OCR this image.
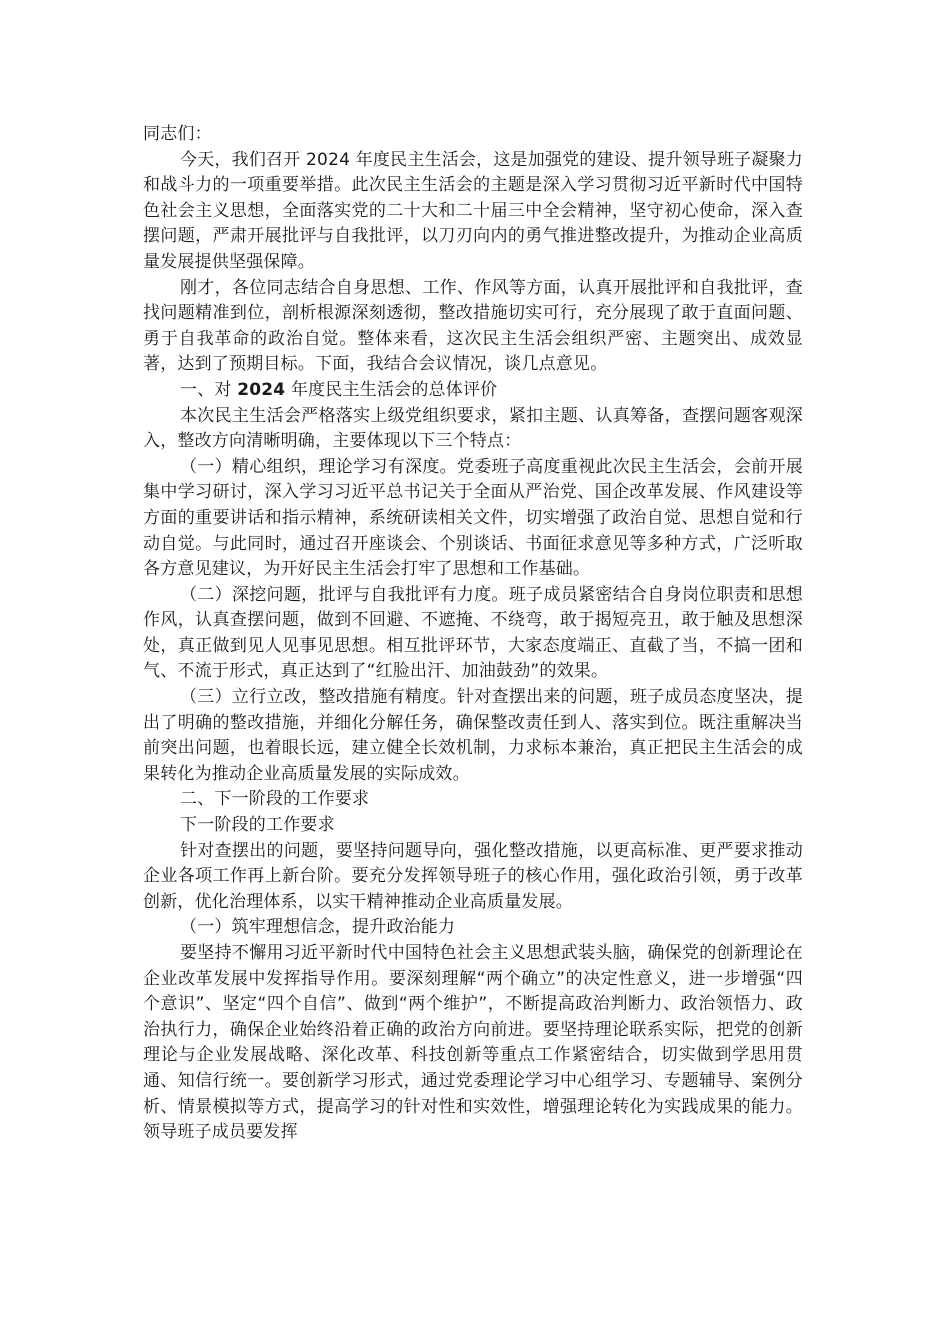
同志们：

今天，我们召开 2024 年度民主生活会，这是加强党的建设、提升领导班子凝聚力和战斗力的一项重要举措。此次民主生活会的主题是深入学习贯彻习近平新时代中国特色社会主义思想，全面落实党的二十大和二十届三中全会精神，坚守初心使命，深入查摆问题，严肃开展批评与自我批评，以刀刃向内的勇气推进整改提升，为推动企业高质量发展提供坚强保障。

刚才，各位同志结合自身思想、工作、作风等方面，认真开展批评和自我批评，查找问题精准到位，剖析根源深刻透彻，整改措施切实可行，充分展现了敢于直面问题、勇于自我革命的政治自觉。整体来看，这次民主生活会组织严密、主题突出、成效显著，达到了预期目标。下面，我结合会议情况，谈几点意见。

一、对 2024 年度民主生活会的总体评价

本次民主生活会严格落实上级党组织要求，紧扣主题、认真筹备，查摆问题客观深入，整改方向清晰明确，主要体现以下三个特点：

（一）精心组织，理论学习有深度。党委班子高度重视此次民主生活会，会前开展集中学习研讨，深入学习习近平总书记关于全面从严治党、国企改革发展、作风建设等方面的重要讲话和指示精神，系统研读相关文件，切实增强了政治自觉、思想自觉和行动自觉。与此同时，通过召开座谈会、个别谈话、书面征求意见等多种方式，广泛听取各方意见建议，为开好民主生活会打牢了思想和工作基础。

（二）深挖问题，批评与自我批评有力度。班子成员紧密结合自身岗位职责和思想作风，认真查摆问题，做到不回避、不遮掩、不绕弯，敢于揭短亮丑，敢于触及思想深处，真正做到见人见事见思想。相互批评环节，大家态度端正、直截了当，不搞一团和气、不流于形式，真正达到了“红脸出汗、加油鼓劲”的效果。

（三）立行立改，整改措施有精度。针对查摆出来的问题，班子成员态度坚决，提出了明确的整改措施，并细化分解任务，确保整改责任到人、落实到位。既注重解决当前突出问题，也着眼长远，建立健全长效机制，力求标本兼治，真正把民主生活会的成果转化为推动企业高质量发展的实际成效。

二、下一阶段的工作要求

下一阶段的工作要求

针对查摆出的问题，要坚持问题导向，强化整改措施，以更高标准、更严要求推动企业各项工作再上新台阶。要充分发挥领导班子的核心作用，强化政治引领，勇于改革创新，优化治理体系，以实干精神推动企业高质量发展。

（一）筑牢理想信念，提升政治能力

要坚持不懈用习近平新时代中国特色社会主义思想武装头脑，确保党的创新理论在企业改革发展中发挥指导作用。要深刻理解“两个确立”的决定性意义，进一步增强“四个意识”、坚定“四个自信”、做到“两个维护”，不断提高政治判断力、政治领悟力、政治执行力，确保企业始终沿着正确的政治方向前进。要坚持理论联系实际，把党的创新理论与企业发展战略、深化改革、科技创新等重点工作紧密结合，切实做到学思用贯通、知信行统一。要创新学习形式，通过党委理论学习中心组学习、专题辅导、案例分析、情景模拟等方式，提高学习的针对性和实效性，增强理论转化为实践成果的能力。领导班子成员要发挥
